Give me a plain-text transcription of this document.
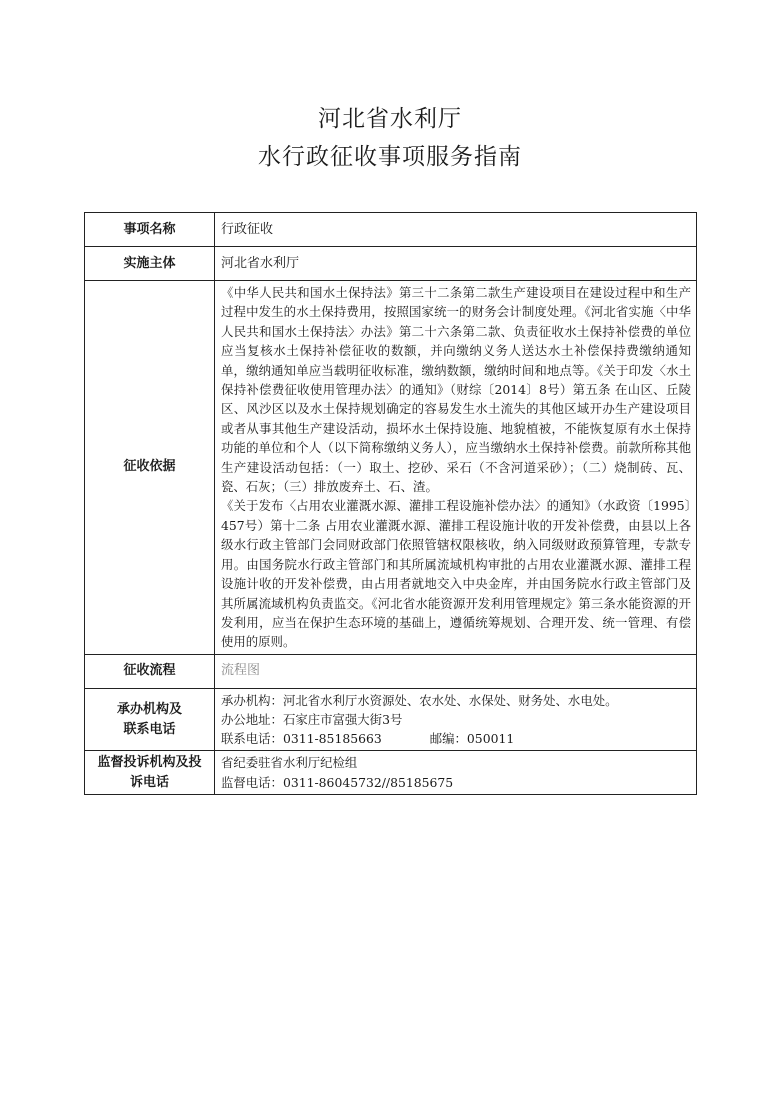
河北省水利厅
水行政征收事项服务指南
事项名称	行政征收
实施主体	河北省水利厅
征收依据	《中华人民共和国水土保持法》第三十二条第二款生产建设项目在建设过程中和生产过程中发生的水土保持费用，按照国家统一的财务会计制度处理。《河北省实施〈中华人民共和国水土保持法〉办法》第二十六条第二款、负责征收水土保持补偿费的单位应当复核水土保持补偿征收的数额，并向缴纳义务人送达水土补偿保持费缴纳通知单，缴纳通知单应当载明征收标准，缴纳数额，缴纳时间和地点等。《关于印发〈水土保持补偿费征收使用管理办法〉的通知》（财综〔2014〕8号）第五条 在山区、丘陵区、风沙区以及水土保持规划确定的容易发生水土流失的其他区域开办生产建设项目或者从事其他生产建设活动，损坏水土保持设施、地貌植被，不能恢复原有水土保持功能的单位和个人（以下简称缴纳义务人），应当缴纳水土保持补偿费。前款所称其他生产建设活动包括：（一）取土、挖砂、采石（不含河道采砂）；（二）烧制砖、瓦、瓷、石灰；（三）排放废弃土、石、渣。
《关于发布〈占用农业灌溉水源、灌排工程设施补偿办法〉的通知》（水政资〔1995〕457号）第十二条 占用农业灌溉水源、灌排工程设施计收的开发补偿费，由县以上各级水行政主管部门会同财政部门依照管辖权限核收，纳入同级财政预算管理，专款专用。由国务院水行政主管部门和其所属流域机构审批的占用农业灌溉水源、灌排工程设施计收的开发补偿费，由占用者就地交入中央金库，并由国务院水行政主管部门及其所属流域机构负责监交。《河北省水能资源开发利用管理规定》第三条水能资源的开发利用，应当在保护生态环境的基础上，遵循统筹规划、合理开发、统一管理、有偿使用的原则。

征收流程	流程图

承办机构及
联系电话	承办机构：河北省水利厅水资源处、农水处、水保处、财务处、水电处。
办公地址：石家庄市富强大街3号
联系电话：0311-85185663 邮编：050011

监督投诉机构及投
诉电话	省纪委驻省水利厅纪检组
监督电话：0311-86045732//85185675
